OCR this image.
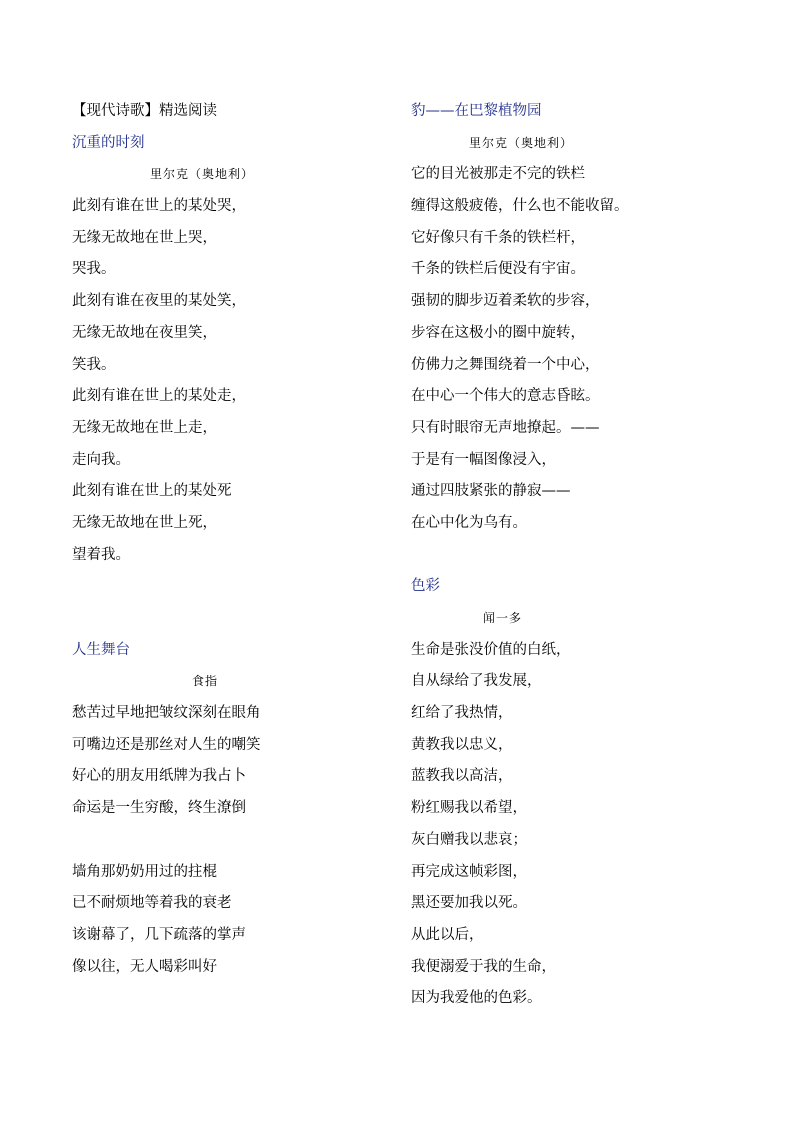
【现代诗歌】精选阅读
沉重的时刻
里尔克（奥地利）
此刻有谁在世上的某处哭，
无缘无故地在世上哭，
哭我。
此刻有谁在夜里的某处笑，
无缘无故地在夜里笑，
笑我。
此刻有谁在世上的某处走，
无缘无故地在世上走，
走向我。
此刻有谁在世上的某处死
无缘无故地在世上死，
望着我。
人生舞台
食指
愁苦过早地把皱纹深刻在眼角
可嘴边还是那丝对人生的嘲笑
好心的朋友用纸牌为我占卜
命运是一生穷酸，终生潦倒
墙角那奶奶用过的拄棍
已不耐烦地等着我的衰老
该谢幕了，几下疏落的掌声
像以往，无人喝彩叫好
豹——在巴黎植物园
里尔克（奥地利）
它的目光被那走不完的铁栏
缠得这般疲倦，什么也不能收留。
它好像只有千条的铁栏杆，
千条的铁栏后便没有宇宙。
强韧的脚步迈着柔软的步容，
步容在这极小的圈中旋转，
仿佛力之舞围绕着一个中心，
在中心一个伟大的意志昏眩。
只有时眼帘无声地撩起。——
于是有一幅图像浸入，
通过四肢紧张的静寂——
在心中化为乌有。
色彩
闻一多
生命是张没价值的白纸，
自从绿给了我发展，
红给了我热情，
黄教我以忠义，
蓝教我以高洁，
粉红赐我以希望，
灰白赠我以悲哀；
再完成这帧彩图，
黑还要加我以死。
从此以后，
我便溺爱于我的生命，
因为我爱他的色彩。
